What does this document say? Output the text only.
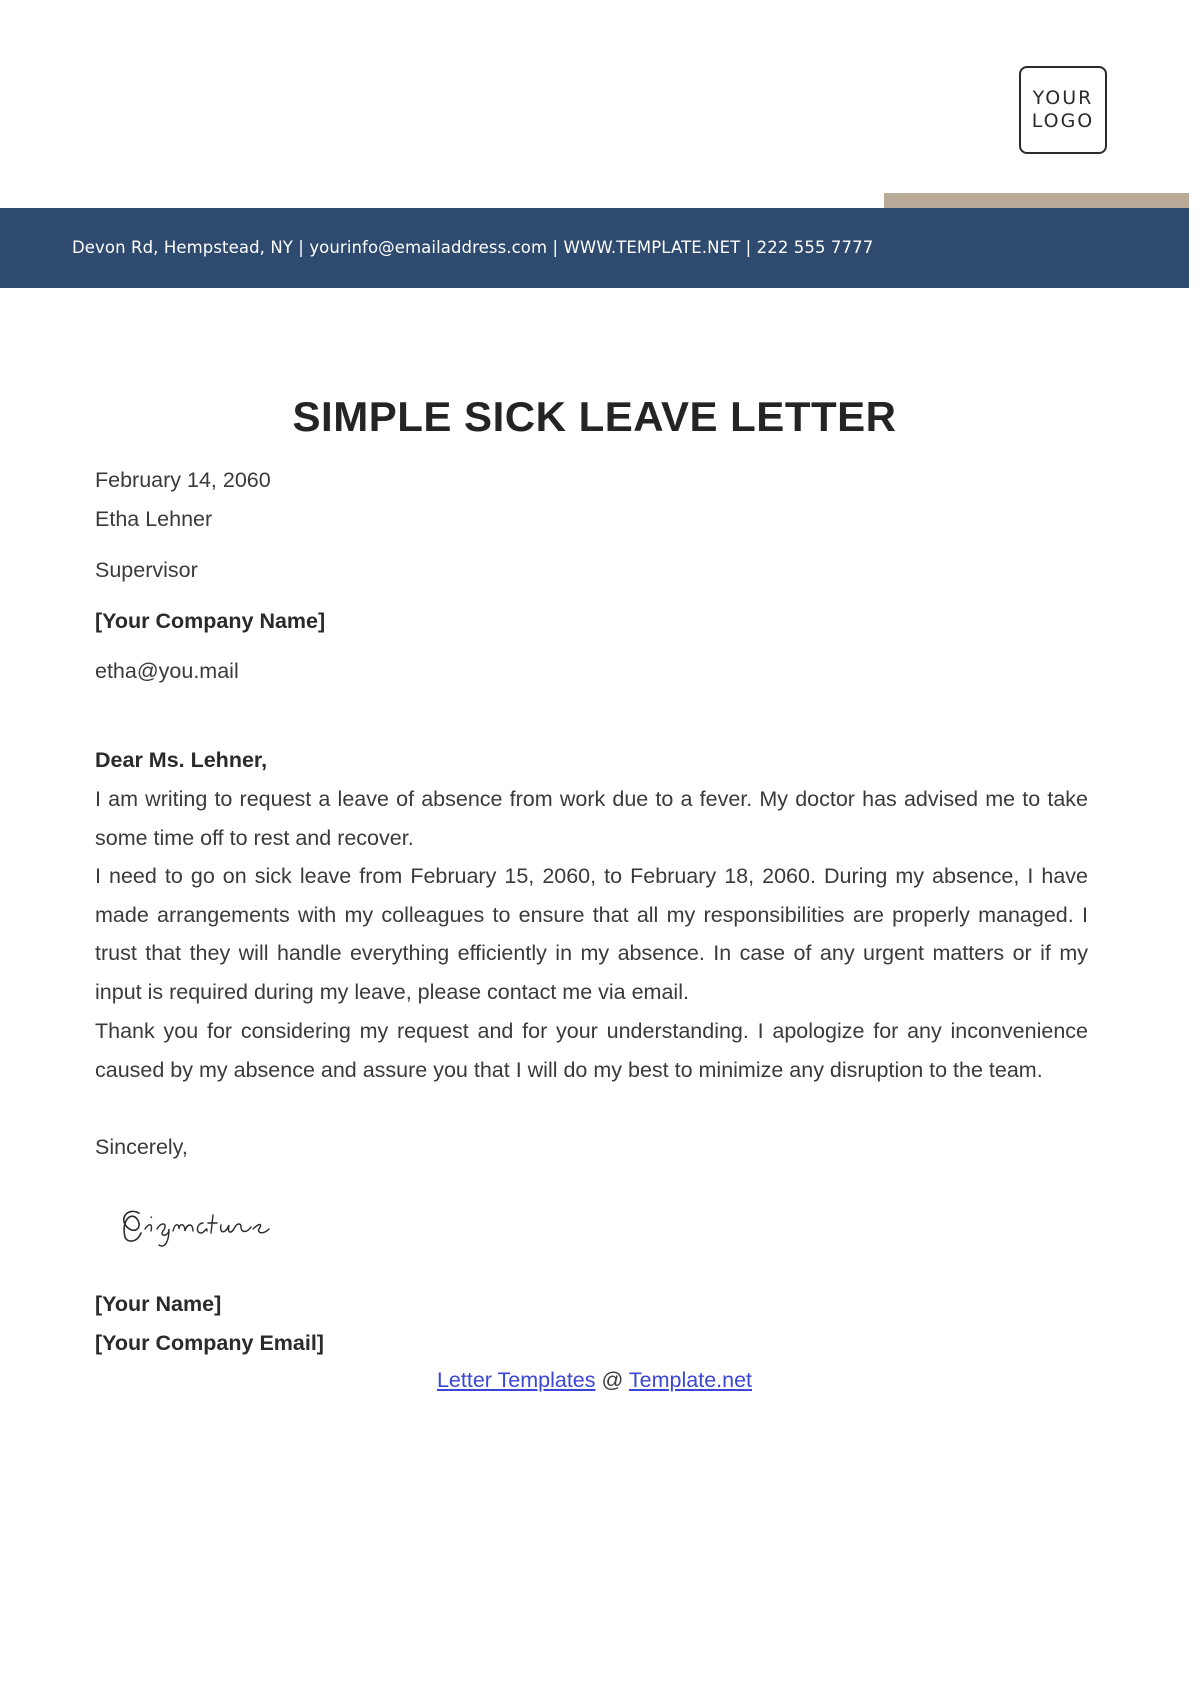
YOUR
LOGO
Devon Rd, Hempstead, NY | yourinfo@emailaddress.com | WWW.TEMPLATE.NET | 222 555 7777
SIMPLE SICK LEAVE LETTER
February 14, 2060
Etha Lehner
Supervisor
[Your Company Name]
etha@you.mail
Dear Ms. Lehner,

I am writing to request a leave of absence from work due to a fever. My doctor has advised me to take some time off to rest and recover.

I need to go on sick leave from February 15, 2060, to February 18, 2060. During my absence, I have made arrangements with my colleagues to ensure that all my responsibilities are properly managed. I trust that they will handle everything efficiently in my absence. In case of any urgent matters or if my input is required during my leave, please contact me via email.

Thank you for considering my request and for your understanding. I apologize for any inconvenience caused by my absence and assure you that I will do my best to minimize any disruption to the team.

Sincerely,
[Your Name]
[Your Company Email]
Letter Templates @ Template.net
